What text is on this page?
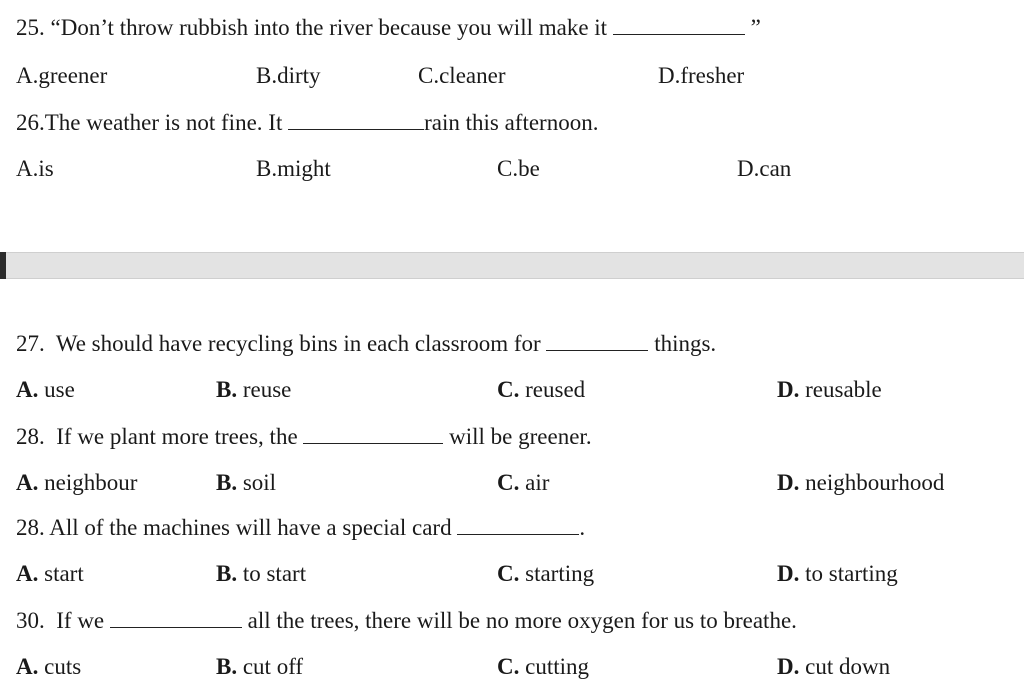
25. “Don’t throw rubbish into the river because you will make it	”
A.greener	B.dirty	C.cleaner	D.fresher
26.The weather is not fine. It	rain this afternoon.
A.is	B.might	C.be	D.can
27. We should have recycling bins in each classroom for	things.
A. use	B. reuse	C. reused	D. reusable
28. If we plant more trees, the	will be greener.
A. neighbour	B. soil	C. air	D. neighbourhood
28. All of the machines will have a special card	.
A. start	B. to start	C. starting	D. to starting
30. If we	all the trees, there will be no more oxygen for us to breathe.
A. cuts	B. cut off	C. cutting	D. cut down
